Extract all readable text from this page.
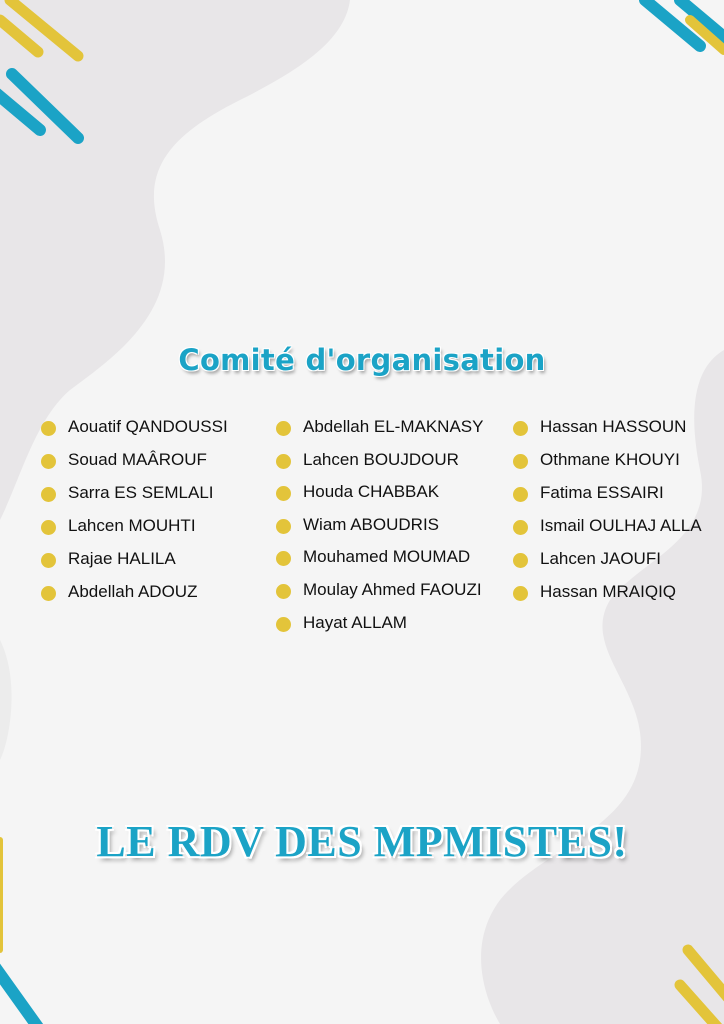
Comité d'organisation
Aouatif QANDOUSSI
Souad MAÂROUF
Sarra ES SEMLALI
Lahcen MOUHTI
Rajae HALILA
Abdellah ADOUZ
Abdellah EL-MAKNASY
Lahcen BOUJDOUR
Houda CHABBAK
Wiam ABOUDRIS
Mouhamed MOUMAD
Moulay Ahmed FAOUZI
Hayat ALLAM
Hassan HASSOUN
Othmane KHOUYI
Fatima ESSAIRI
Ismail OULHAJ ALLA
Lahcen JAOUFI
Hassan MRAIQIQ
LE RDV DES MPMISTES!
